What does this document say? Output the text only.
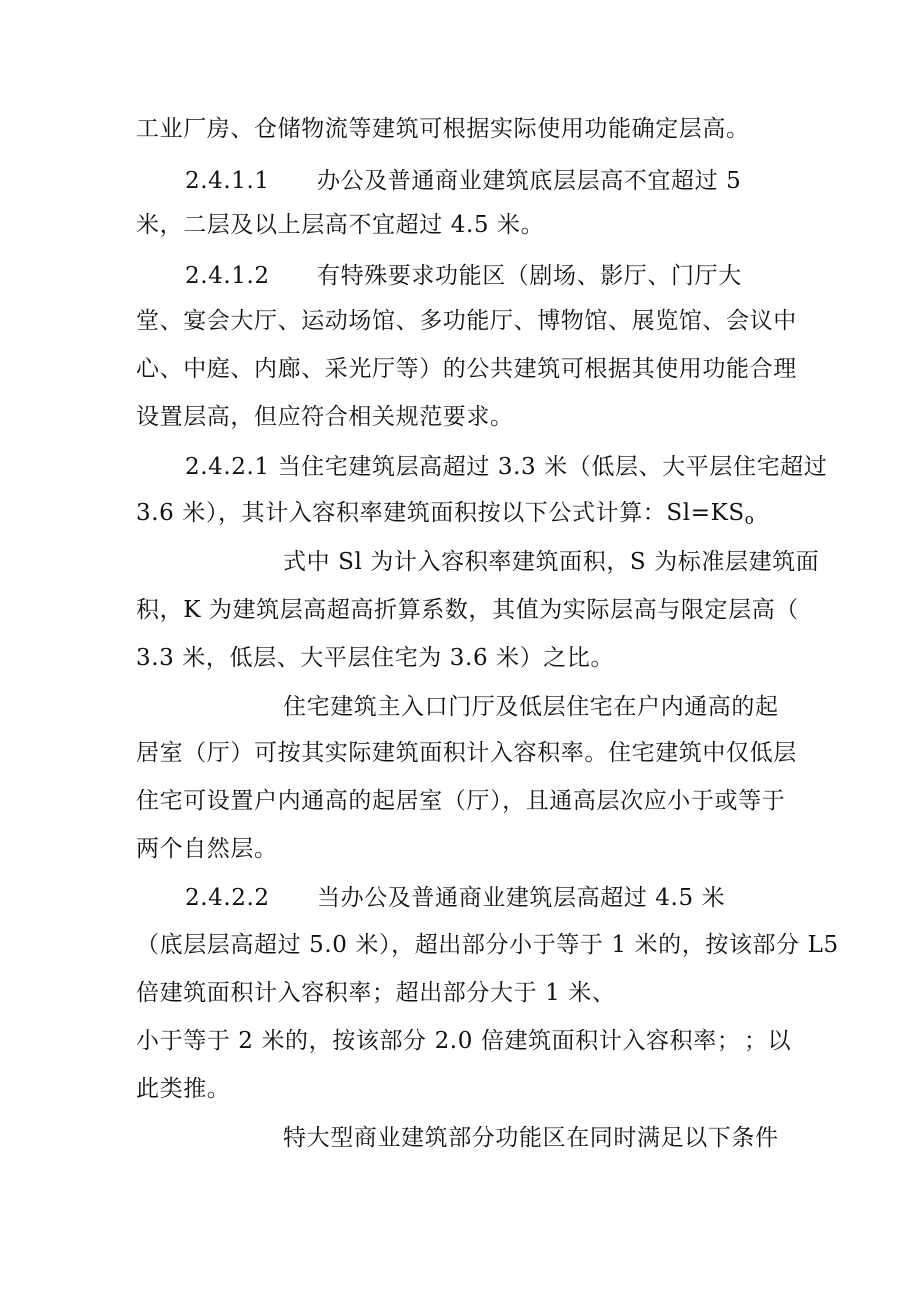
工业厂房、仓储物流等建筑可根据实际使用功能确定层高。
2.4.1.1 办公及普通商业建筑底层层高不宜超过 5
米，二层及以上层高不宜超过 4.5 米。
2.4.1.2 有特殊要求功能区（剧场、影厅、门厅大
堂、宴会大厅、运动场馆、多功能厅、博物馆、展览馆、会议中
心、中庭、内廊、采光厅等）的公共建筑可根据其使用功能合理
设置层高，但应符合相关规范要求。
2.4.2.1 当住宅建筑层高超过 3.3 米（低层、大平层住宅超过
3.6 米），其计入容积率建筑面积按以下公式计算：$Sl=KS_o$
式中 Sl 为计入容积率建筑面积，S 为标准层建筑面
积，K 为建筑层高超高折算系数，其值为实际层高与限定层高（
3.3 米，低层、大平层住宅为 3.6 米）之比。
住宅建筑主入口门厅及低层住宅在户内通高的起
居室（厅）可按其实际建筑面积计入容积率。住宅建筑中仅低层
住宅可设置户内通高的起居室（厅），且通高层次应小于或等于
两个自然层。
2.4.2.2 当办公及普通商业建筑层高超过 4.5 米
（底层层高超过 5.0 米），超出部分小于等于 1 米的，按该部分 L5
倍建筑面积计入容积率；超出部分大于 1 米、
小于等于 2 米的，按该部分 2.0 倍建筑面积计入容积率； ；以
此类推。
特大型商业建筑部分功能区在同时满足以下条件
